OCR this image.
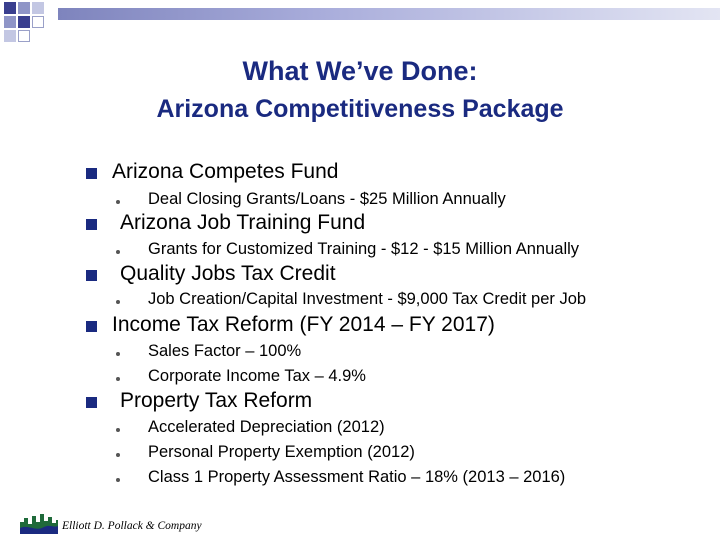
What We’ve Done:
Arizona Competitiveness Package
Arizona Competes Fund
Deal Closing Grants/Loans - $25 Million Annually
Arizona Job Training Fund
Grants for Customized Training - $12 - $15 Million Annually
Quality Jobs Tax Credit
Job Creation/Capital Investment - $9,000 Tax Credit per Job
Income Tax Reform (FY 2014 – FY 2017)
Sales Factor – 100%
Corporate Income Tax – 4.9%
Property Tax Reform
Accelerated Depreciation (2012)
Personal Property Exemption (2012)
Class 1 Property Assessment Ratio – 18% (2013 – 2016)
Elliott D. Pollack & Company
